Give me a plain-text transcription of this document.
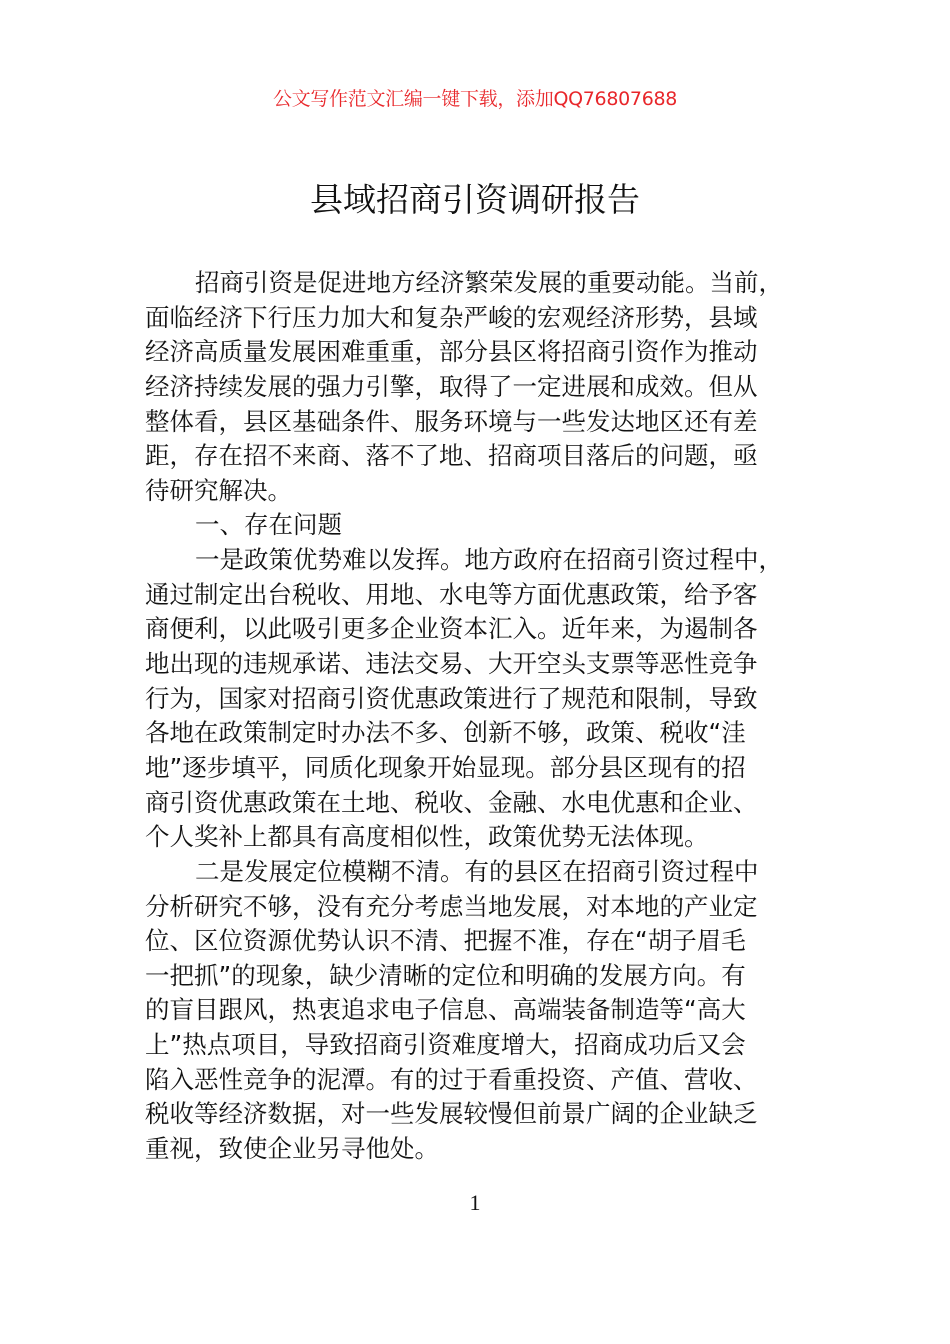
公文写作范文汇编一键下载，添加QQ76807688
县域招商引资调研报告
招商引资是促进地方经济繁荣发展的重要动能。当前，
面临经济下行压力加大和复杂严峻的宏观经济形势，县域
经济高质量发展困难重重，部分县区将招商引资作为推动
经济持续发展的强力引擎，取得了一定进展和成效。但从
整体看，县区基础条件、服务环境与一些发达地区还有差
距，存在招不来商、落不了地、招商项目落后的问题，亟
待研究解决。
一、存在问题
一是政策优势难以发挥。地方政府在招商引资过程中，
通过制定出台税收、用地、水电等方面优惠政策，给予客
商便利，以此吸引更多企业资本汇入。近年来，为遏制各
地出现的违规承诺、违法交易、大开空头支票等恶性竞争
行为，国家对招商引资优惠政策进行了规范和限制，导致
各地在政策制定时办法不多、创新不够，政策、税收“洼
地”逐步填平，同质化现象开始显现。部分县区现有的招
商引资优惠政策在土地、税收、金融、水电优惠和企业、
个人奖补上都具有高度相似性，政策优势无法体现。
二是发展定位模糊不清。有的县区在招商引资过程中
分析研究不够，没有充分考虑当地发展，对本地的产业定
位、区位资源优势认识不清、把握不准，存在“胡子眉毛
一把抓”的现象，缺少清晰的定位和明确的发展方向。有
的盲目跟风，热衷追求电子信息、高端装备制造等“高大
上”热点项目，导致招商引资难度增大，招商成功后又会
陷入恶性竞争的泥潭。有的过于看重投资、产值、营收、
税收等经济数据，对一些发展较慢但前景广阔的企业缺乏
重视，致使企业另寻他处。
1
